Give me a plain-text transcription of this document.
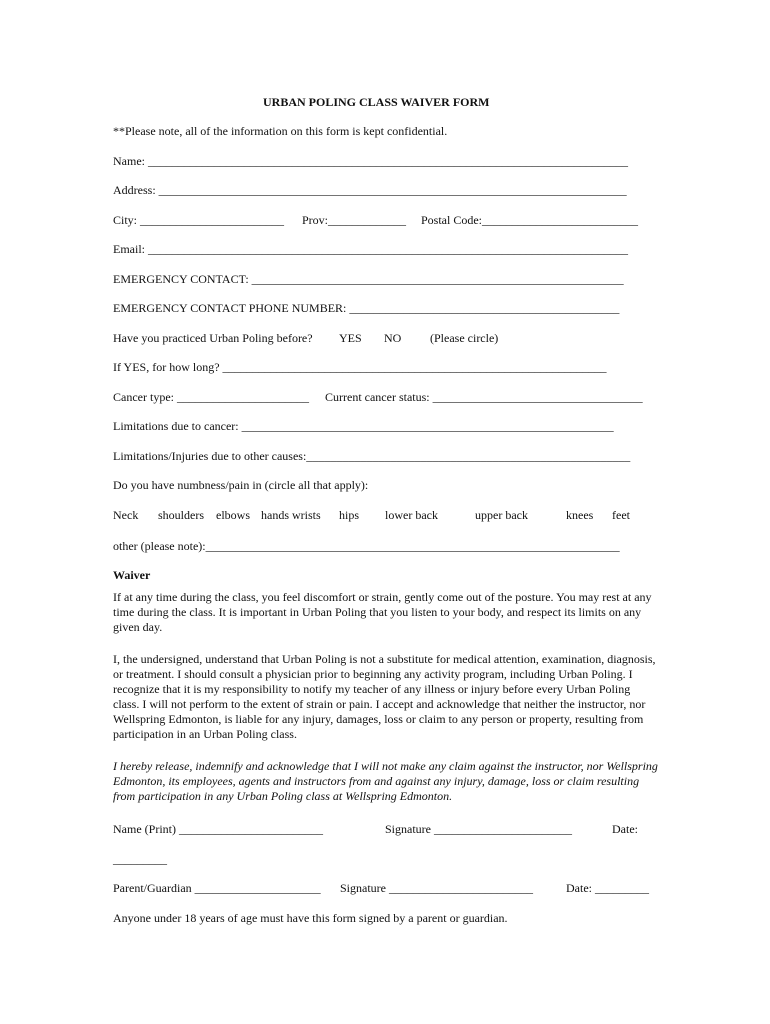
URBAN POLING CLASS WAIVER FORM
**Please note, all of the information on this form is kept confidential.
Name: ________________________________________________________________________________
Address: ______________________________________________________________________________
City: ________________________ Prov:_____________ Postal Code:__________________________
Email: ________________________________________________________________________________
EMERGENCY CONTACT: ______________________________________________________________
EMERGENCY CONTACT PHONE NUMBER: _____________________________________________
Have you practiced Urban Poling before? YES NO (Please circle)
If YES, for how long? ________________________________________________________________
Cancer type: ______________________ Current cancer status: ___________________________________
Limitations due to cancer: ______________________________________________________________
Limitations/Injuries due to other causes:______________________________________________________
Do you have numbness/pain in (circle all that apply):
Neck shoulders elbows hands wrists hips lower back	upper back	knees feet
other (please note):_____________________________________________________________________
Waiver
If at any time during the class, you feel discomfort or strain, gently come out of the posture. You may rest at any time during the class. It is important in Urban Poling that you listen to your body, and respect its limits on any given day.
I, the undersigned, understand that Urban Poling is not a substitute for medical attention, examination, diagnosis, or treatment. I should consult a physician prior to beginning any activity program, including Urban Poling. I recognize that it is my responsibility to notify my teacher of any illness or injury before every Urban Poling class. I will not perform to the extent of strain or pain. I accept and acknowledge that neither the instructor, nor Wellspring Edmonton, is liable for any injury, damages, loss or claim to any person or property, resulting from participation in an Urban Poling class.
I hereby release, indemnify and acknowledge that I will not make any claim against the instructor, nor Wellspring Edmonton, its employees, agents and instructors from and against any injury, damage, loss or claim resulting from participation in any Urban Poling class at Wellspring Edmonton.
Name (Print) ________________________	Signature _______________________	Date:
_________
Parent/Guardian _____________________ Signature ________________________	Date: _________
Anyone under 18 years of age must have this form signed by a parent or guardian.
